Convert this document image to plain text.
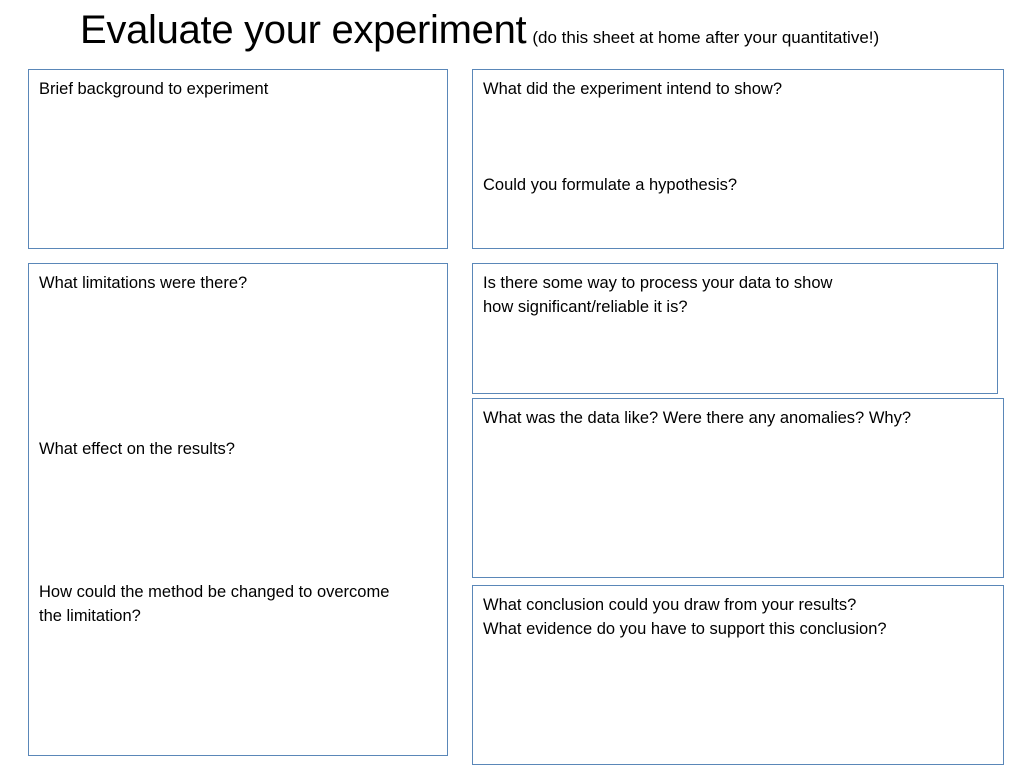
Evaluate your experiment (do this sheet at home after your quantitative!)

Brief background to experiment	What did the experiment intend to show?

Could you formulate a hypothesis?

What limitations were there?

What effect on the results?

How could the method be changed to overcome
the limitation?

Is there some way to process your data to show
how significant/reliable it is?

What was the data like? Were there any anomalies? Why?

What conclusion could you draw from your results?
What evidence do you have to support this conclusion?
